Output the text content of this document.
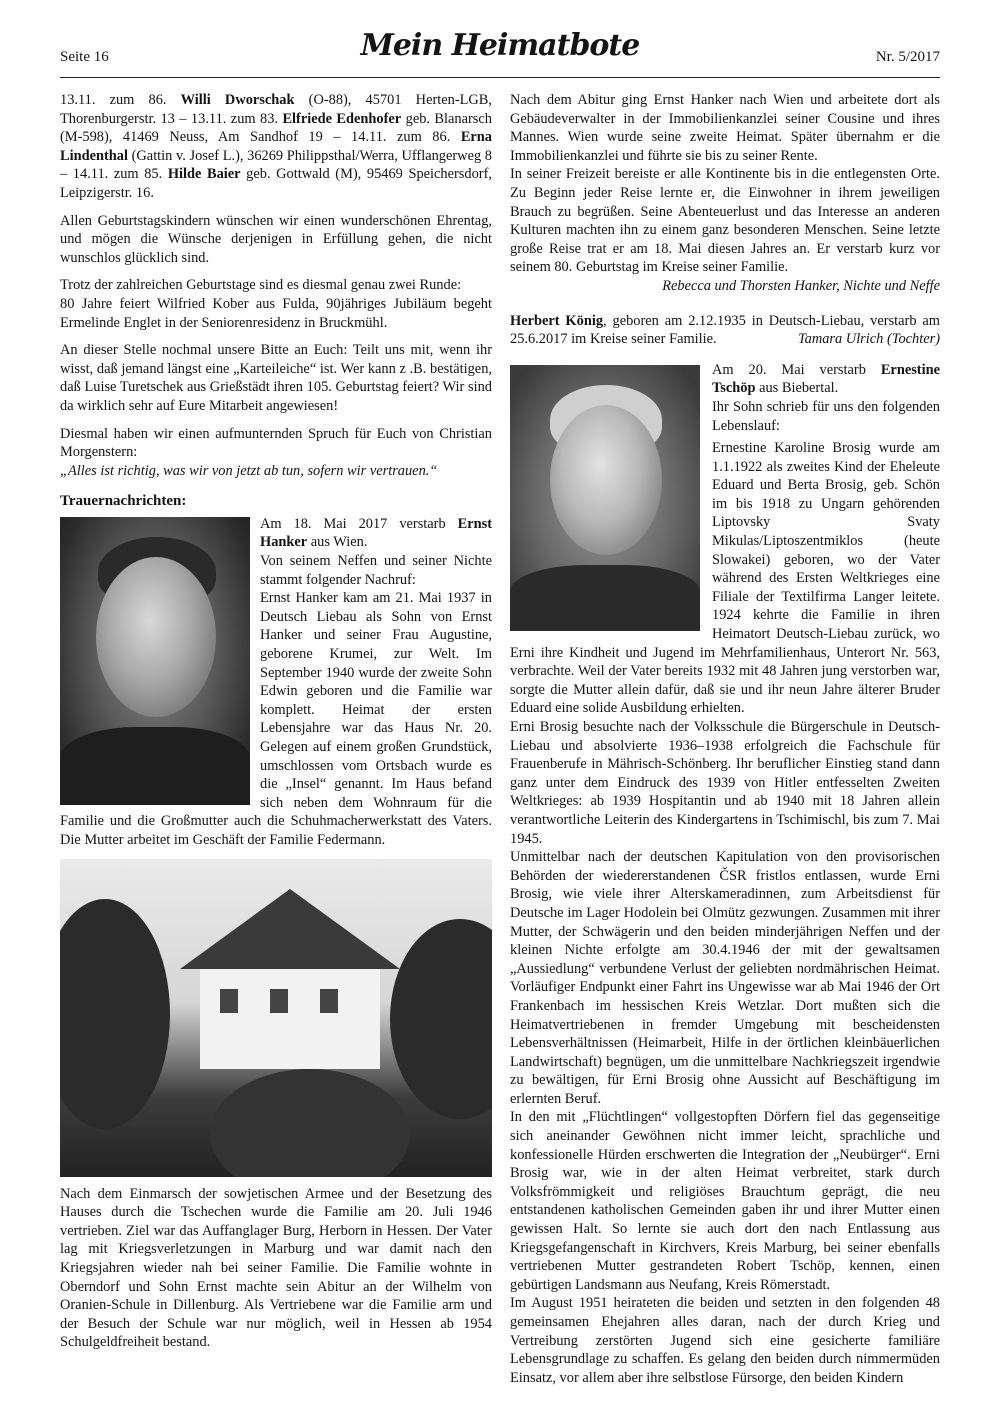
Seite 16	Mein Heimatbote	Nr. 5/2017

13.11. zum 86. Willi Dworschak (O-88), 45701 Herten-LGB, Thorenburgerstr. 13 – 13.11. zum 83. Elfriede Edenhofer geb. Blanarsch (M-598), 41469 Neuss, Am Sandhof 19 – 14.11. zum 86. Erna Lindenthal (Gattin v. Josef L.), 36269 Philippsthal/Werra, Ufflangerweg 8 – 14.11. zum 85. Hilde Baier geb. Gottwald (M), 95469 Speichersdorf, Leipzigerstr. 16.

Allen Geburtstagskindern wünschen wir einen wunderschönen Ehrentag, und mögen die Wünsche derjenigen in Erfüllung gehen, die nicht wunschlos glücklich sind.

Trotz der zahlreichen Geburtstage sind es diesmal genau zwei Runde:

80 Jahre feiert Wilfried Kober aus Fulda, 90jähriges Jubiläum begeht Ermelinde Englet in der Seniorenresidenz in Bruckmühl.

An dieser Stelle nochmal unsere Bitte an Euch: Teilt uns mit, wenn ihr wisst, daß jemand längst eine „Karteileiche“ ist. Wer kann z .B. bestätigen, daß Luise Turetschek aus Grießstädt ihren 105. Geburtstag feiert? Wir sind da wirklich sehr auf Eure Mitarbeit angewiesen!

Diesmal haben wir einen aufmunternden Spruch für Euch von Christian Morgenstern:

„Alles ist richtig, was wir von jetzt ab tun, sofern wir vertrauen.“

Trauernachrichten:

Am 18. Mai 2017 verstarb Ernst Hanker aus Wien.

Von seinem Neffen und seiner Nichte stammt folgender Nachruf:

Ernst Hanker kam am 21. Mai 1937 in Deutsch Liebau als Sohn von Ernst Hanker und seiner Frau Augustine, geborene Krumei, zur Welt. Im September 1940 wurde der zweite Sohn Edwin geboren und die Familie war komplett. Heimat der ersten Lebensjahre war das Haus Nr. 20. Gelegen auf einem großen Grundstück, umschlossen vom Ortsbach wurde es die „Insel“ genannt. Im Haus befand sich neben dem Wohnraum für die Familie und die Großmutter auch die Schuhmacherwerkstatt des Vaters. Die Mutter arbeitet im Geschäft der Familie Federmann.

Nach dem Einmarsch der sowjetischen Armee und der Besetzung des Hauses durch die Tschechen wurde die Familie am 20. Juli 1946 vertrieben. Ziel war das Auffanglager Burg, Herborn in Hessen. Der Vater lag mit Kriegsverletzungen in Marburg und war damit nach den Kriegsjahren wieder nah bei seiner Familie. Die Familie wohnte in Oberndorf und Sohn Ernst machte sein Abitur an der Wilhelm von Oranien-Schule in Dillenburg. Als Vertriebene war die Familie arm und der Besuch der Schule war nur möglich, weil in Hessen ab 1954 Schulgeldfreiheit bestand.

Nach dem Abitur ging Ernst Hanker nach Wien und arbeitete dort als Gebäudeverwalter in der Immobilienkanzlei seiner Cousine und ihres Mannes. Wien wurde seine zweite Heimat. Später übernahm er die Immobilienkanzlei und führte sie bis zu seiner Rente.

In seiner Freizeit bereiste er alle Kontinente bis in die entlegensten Orte. Zu Beginn jeder Reise lernte er, die Einwohner in ihrem jeweiligen Brauch zu begrüßen. Seine Abenteuerlust und das Interesse an anderen Kulturen machten ihn zu einem ganz besonderen Menschen. Seine letzte große Reise trat er am 18. Mai diesen Jahres an. Er verstarb kurz vor seinem 80. Geburtstag im Kreise seiner Familie.

Rebecca und Thorsten Hanker, Nichte und Neffe

Herbert König, geboren am 2.12.1935 in Deutsch-Liebau, verstarb am 25.6.2017 im Kreise seiner Familie.	Tamara Ulrich (Tochter)

Am 20. Mai verstarb Ernestine Tschöp aus Biebertal.

Ihr Sohn schrieb für uns den folgenden Lebenslauf:

Ernestine Karoline Brosig wurde am 1.1.1922 als zweites Kind der Eheleute Eduard und Berta Brosig, geb. Schön im bis 1918 zu Ungarn gehörenden Liptovsky Svaty Mikulas/Liptoszentmiklos (heute Slowakei) geboren, wo der Vater während des Ersten Weltkrieges eine Filiale der Textilfirma Langer leitete. 1924 kehrte die Familie in ihren Heimatort Deutsch-Liebau zurück, wo Erni ihre Kindheit und Jugend im Mehrfamilienhaus, Unterort Nr. 563, verbrachte. Weil der Vater bereits 1932 mit 48 Jahren jung verstorben war, sorgte die Mutter allein dafür, daß sie und ihr neun Jahre älterer Bruder Eduard eine solide Ausbildung erhielten.

Erni Brosig besuchte nach der Volksschule die Bürgerschule in Deutsch-Liebau und absolvierte 1936–1938 erfolgreich die Fachschule für Frauenberufe in Mährisch-Schönberg. Ihr beruflicher Einstieg stand dann ganz unter dem Eindruck des 1939 von Hitler entfesselten Zweiten Weltkrieges: ab 1939 Hospitantin und ab 1940 mit 18 Jahren allein verantwortliche Leiterin des Kindergartens in Tschimischl, bis zum 7. Mai 1945.

Unmittelbar nach der deutschen Kapitulation von den provisorischen Behörden der wiedererstandenen ČSR fristlos entlassen, wurde Erni Brosig, wie viele ihrer Alterskameradinnen, zum Arbeitsdienst für Deutsche im Lager Hodolein bei Olmütz gezwungen. Zusammen mit ihrer Mutter, der Schwägerin und den beiden minderjährigen Neffen und der kleinen Nichte erfolgte am 30.4.1946 der mit der gewaltsamen „Aussiedlung“ verbundene Verlust der geliebten nordmährischen Heimat. Vorläufiger Endpunkt einer Fahrt ins Ungewisse war ab Mai 1946 der Ort Frankenbach im hessischen Kreis Wetzlar. Dort mußten sich die Heimatvertriebenen in fremder Umgebung mit bescheidensten Lebensverhältnissen (Heimarbeit, Hilfe in der örtlichen kleinbäuerlichen Landwirtschaft) begnügen, um die unmittelbare Nachkriegszeit irgendwie zu bewältigen, für Erni Brosig ohne Aussicht auf Beschäftigung im erlernten Beruf.

In den mit „Flüchtlingen“ vollgestopften Dörfern fiel das gegenseitige sich aneinander Gewöhnen nicht immer leicht, sprachliche und konfessionelle Hürden erschwerten die Integration der „Neubürger“. Erni Brosig war, wie in der alten Heimat verbreitet, stark durch Volksfrömmigkeit und religiöses Brauchtum geprägt, die neu entstandenen katholischen Gemeinden gaben ihr und ihrer Mutter einen gewissen Halt. So lernte sie auch dort den nach Entlassung aus Kriegsgefangenschaft in Kirchvers, Kreis Marburg, bei seiner ebenfalls vertriebenen Mutter gestrandeten Robert Tschöp, kennen, einen gebürtigen Landsmann aus Neufang, Kreis Römerstadt.

Im August 1951 heirateten die beiden und setzten in den folgenden 48 gemeinsamen Ehejahren alles daran, nach der durch Krieg und Vertreibung zerstörten Jugend sich eine gesicherte familiäre Lebensgrundlage zu schaffen. Es gelang den beiden durch nimmermüden Einsatz, vor allem aber ihre selbstlose Fürsorge, den beiden Kindern
